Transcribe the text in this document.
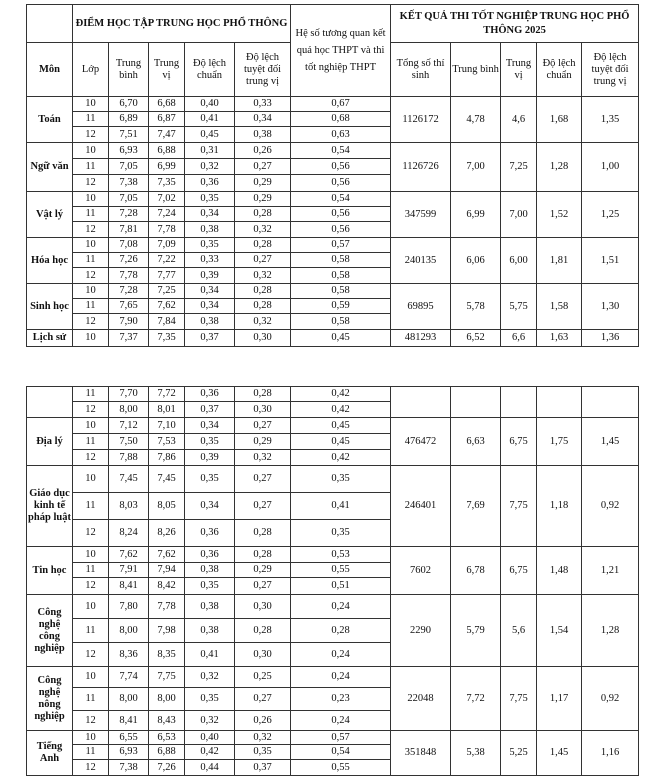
	ĐIỂM HỌC TẬP TRUNG HỌC PHỔ THÔNG					Hệ số tương quan kết quả học THPT và thi tốt nghiệp THPT	KẾT QUẢ THI TỐT NGHIỆP TRUNG HỌC PHỔ THÔNG 2025				
Môn	Lớp	Trung bình	Trung vị	Độ lệch chuẩn	Độ lệch tuyệt đối trung vị		Tổng số thí sinh	Trung bình	Trung vị	Độ lệch chuẩn	Độ lệch tuyệt đối trung vị
Toán	10	6,70	6,68	0,40	0,33	0,67	1126172	4,78	4,6	1,68	1,35
	11	6,89	6,87	0,41	0,34	0,68					
	12	7,51	7,47	0,45	0,38	0,63					
Ngữ văn	10	6,93	6,88	0,31	0,26	0,54	1126726	7,00	7,25	1,28	1,00
	11	7,05	6,99	0,32	0,27	0,56					
	12	7,38	7,35	0,36	0,29	0,56					
Vật lý	10	7,05	7,02	0,35	0,29	0,54	347599	6,99	7,00	1,52	1,25
	11	7,28	7,24	0,34	0,28	0,56					
	12	7,81	7,78	0,38	0,32	0,56					
Hóa học	10	7,08	7,09	0,35	0,28	0,57	240135	6,06	6,00	1,81	1,51
	11	7,26	7,22	0,33	0,27	0,58					
	12	7,78	7,77	0,39	0,32	0,58					
Sinh học	10	7,28	7,25	0,34	0,28	0,58	69895	5,78	5,75	1,58	1,30
	11	7,65	7,62	0,34	0,28	0,59					
	12	7,90	7,84	0,38	0,32	0,58					
Lịch sử	10	7,37	7,35	0,37	0,30	0,45	481293	6,52	6,6	1,63	1,36
	11	7,70	7,72	0,36	0,28	0,42					
	12	8,00	8,01	0,37	0,30	0,42					
Địa lý	10	7,12	7,10	0,34	0,27	0,45	476472	6,63	6,75	1,75	1,45
	11	7,50	7,53	0,35	0,29	0,45					
	12	7,88	7,86	0,39	0,32	0,42					
Giáo dục kinh tế pháp luật	10	7,45	7,45	0,35	0,27	0,35	246401	7,69	7,75	1,18	0,92
	11	8,03	8,05	0,34	0,27	0,41					
	12	8,24	8,26	0,36	0,28	0,35					
Tin học	10	7,62	7,62	0,36	0,28	0,53	7602	6,78	6,75	1,48	1,21
	11	7,91	7,94	0,38	0,29	0,55					
	12	8,41	8,42	0,35	0,27	0,51					
Công nghệ công nghiệp	10	7,80	7,78	0,38	0,30	0,24	2290	5,79	5,6	1,54	1,28
	11	8,00	7,98	0,38	0,28	0,28					
	12	8,36	8,35	0,41	0,30	0,24					
Công nghệ nông nghiệp	10	7,74	7,75	0,32	0,25	0,24	22048	7,72	7,75	1,17	0,92
	11	8,00	8,00	0,35	0,27	0,23					
	12	8,41	8,43	0,32	0,26	0,24					
Tiếng Anh	10	6,55	6,53	0,40	0,32	0,57	351848	5,38	5,25	1,45	1,16
	11	6,93	6,88	0,42	0,35	0,54					
	12	7,38	7,26	0,44	0,37	0,55					
